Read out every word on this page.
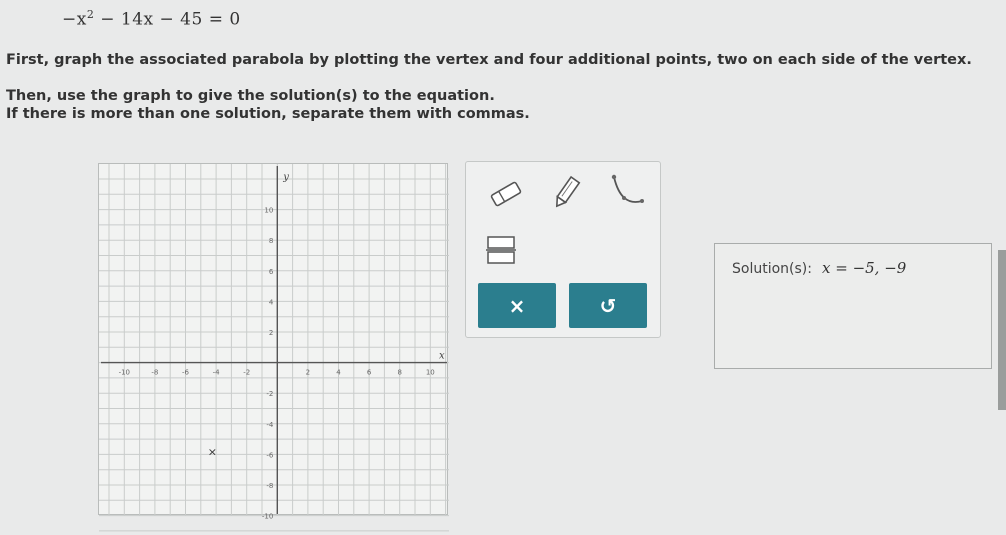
$-x^2 - 14x - 45 = 0$
First, graph the associated parabola by plotting the vertex and four additional points, two on each side of the vertex.
Then, use the graph to give the solution(s) to the equation.
If there is more than one solution, separate them with commas.
y
x
-10	-8	-6	-4	-2	2	4	6	8	10
10
8
6
4
2
-2
-4
-6
-8
-10
×
×	↺
Solution(s): x = −5, −9
